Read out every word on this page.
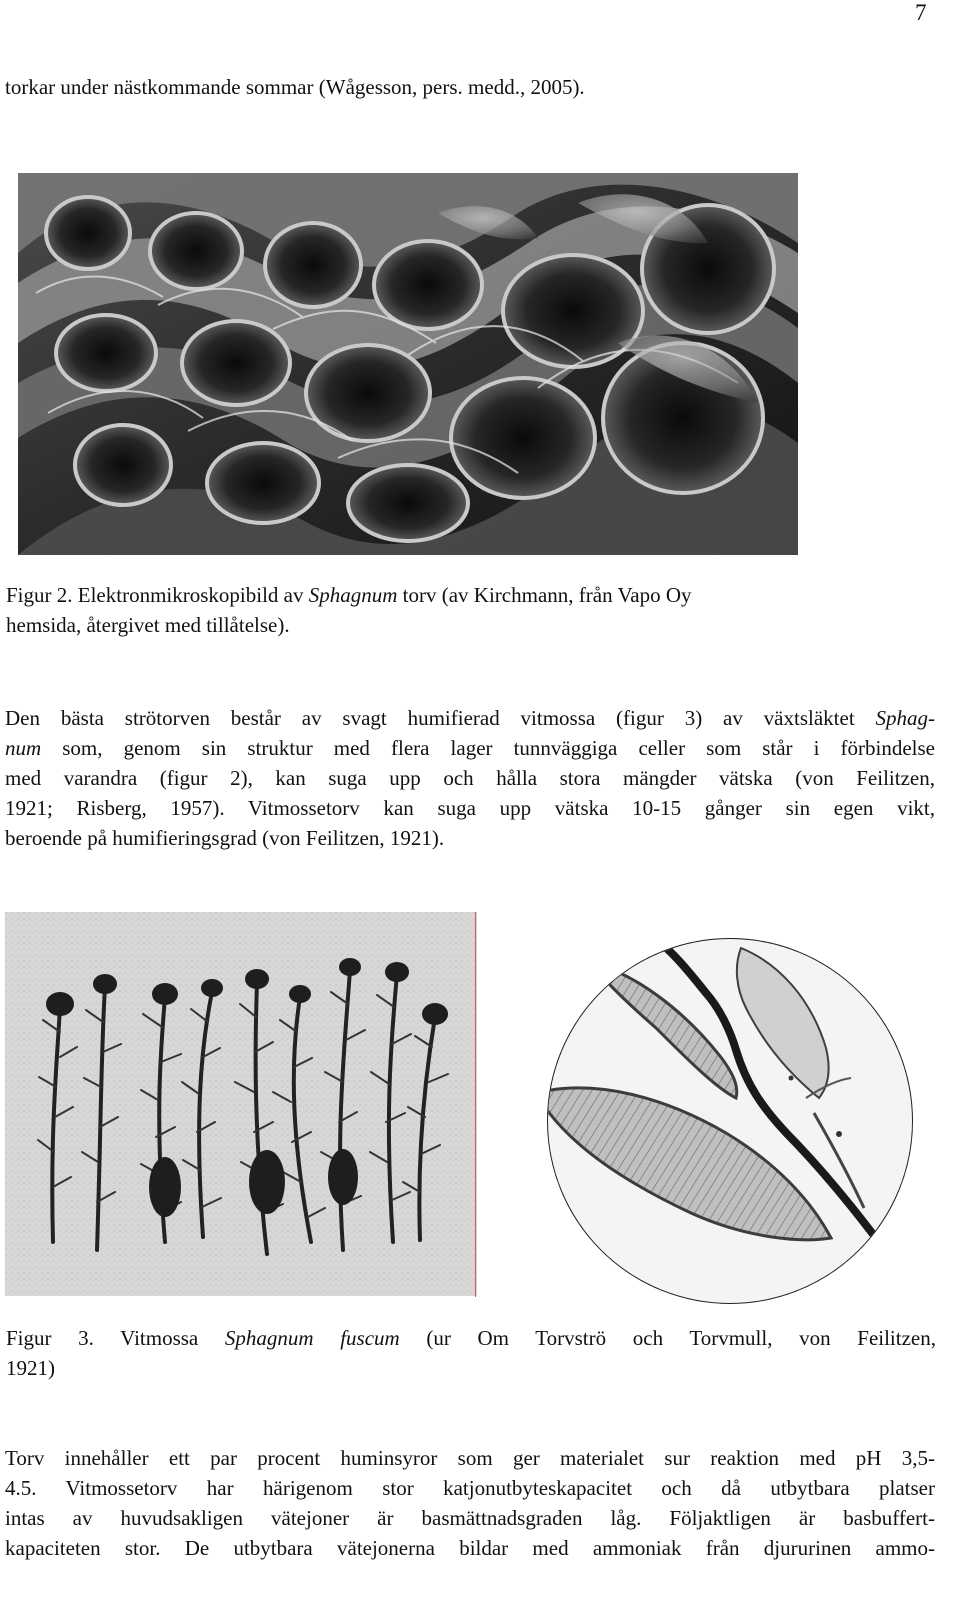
7
torkar under nästkommande sommar (Wågesson, pers. medd., 2005).
Figur 2. Elektronmikroskopibild av Sphagnum torv (av Kirchmann, från Vapo Oy
hemsida, återgivet med tillåtelse).
Den bästa strötorven består av svagt humifierad vitmossa (figur 3) av växtsläktet Sphag-
num som, genom sin struktur med flera lager tunnväggiga celler som står i förbindelse
med varandra (figur 2), kan suga upp och hålla stora mängder vätska (von Feilitzen,
1921; Risberg, 1957). Vitmossetorv kan suga upp vätska 10-15 gånger sin egen vikt,
beroende på humifieringsgrad (von Feilitzen, 1921).
Figur 3. Vitmossa Sphagnum fuscum (ur Om Torvströ och Torvmull, von Feilitzen,
1921)
Torv innehåller ett par procent huminsyror som ger materialet sur reaktion med pH 3,5-
4.5. Vitmossetorv har härigenom stor katjonutbyteskapacitet och då utbytbara platser
intas av huvudsakligen vätejoner är basmättnadsgraden låg. Följaktligen är basbuffert-
kapaciteten stor. De utbytbara vätejonerna bildar med ammoniak från djururinen ammo-
